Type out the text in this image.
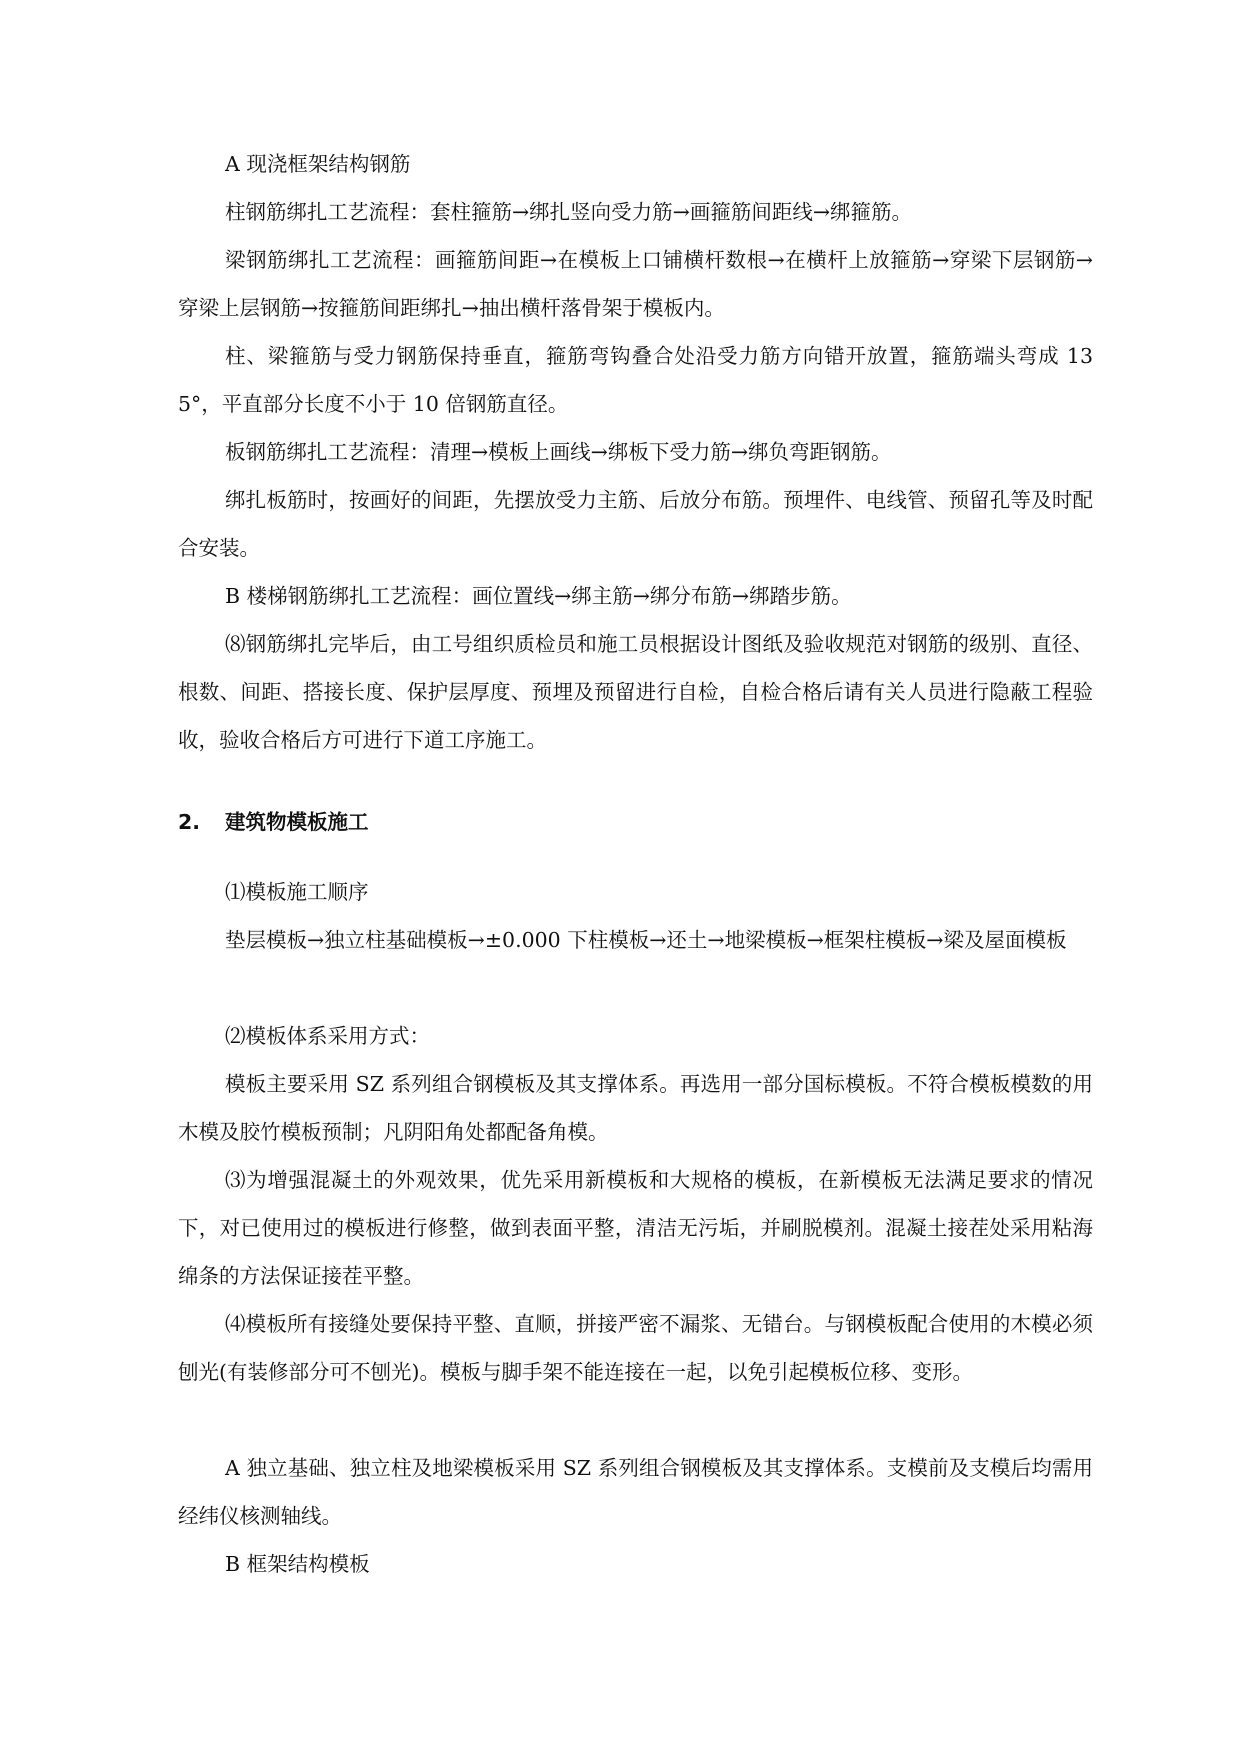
A 现浇框架结构钢筋

柱钢筋绑扎工艺流程：套柱箍筋→绑扎竖向受力筋→画箍筋间距线→绑箍筋。

梁钢筋绑扎工艺流程：画箍筋间距→在模板上口铺横杆数根→在横杆上放箍筋→穿梁下层钢筋→穿梁上层钢筋→按箍筋间距绑扎→抽出横杆落骨架于模板内。

柱、梁箍筋与受力钢筋保持垂直，箍筋弯钩叠合处沿受力筋方向错开放置，箍筋端头弯成 135°，平直部分长度不小于 10 倍钢筋直径。

板钢筋绑扎工艺流程：清理→模板上画线→绑板下受力筋→绑负弯距钢筋。

绑扎板筋时，按画好的间距，先摆放受力主筋、后放分布筋。预埋件、电线管、预留孔等及时配合安装。

B 楼梯钢筋绑扎工艺流程：画位置线→绑主筋→绑分布筋→绑踏步筋。

⑻钢筋绑扎完毕后，由工号组织质检员和施工员根据设计图纸及验收规范对钢筋的级别、直径、根数、间距、搭接长度、保护层厚度、预埋及预留进行自检，自检合格后请有关人员进行隐蔽工程验收，验收合格后方可进行下道工序施工。

2. 建筑物模板施工

⑴模板施工顺序

垫层模板→独立柱基础模板→±0.000 下柱模板→还土→地梁模板→框架柱模板→梁及屋面模板

⑵模板体系采用方式：

模板主要采用 SZ 系列组合钢模板及其支撑体系。再选用一部分国标模板。不符合模板模数的用木模及胶竹模板预制；凡阴阳角处都配备角模。

⑶为增强混凝土的外观效果，优先采用新模板和大规格的模板，在新模板无法满足要求的情况下，对已使用过的模板进行修整，做到表面平整，清洁无污垢，并刷脱模剂。混凝土接茬处采用粘海绵条的方法保证接茬平整。

⑷模板所有接缝处要保持平整、直顺，拼接严密不漏浆、无错台。与钢模板配合使用的木模必须刨光(有装修部分可不刨光)。模板与脚手架不能连接在一起，以免引起模板位移、变形。

A 独立基础、独立柱及地梁模板采用 SZ 系列组合钢模板及其支撑体系。支模前及支模后均需用经纬仪核测轴线。

B 框架结构模板
